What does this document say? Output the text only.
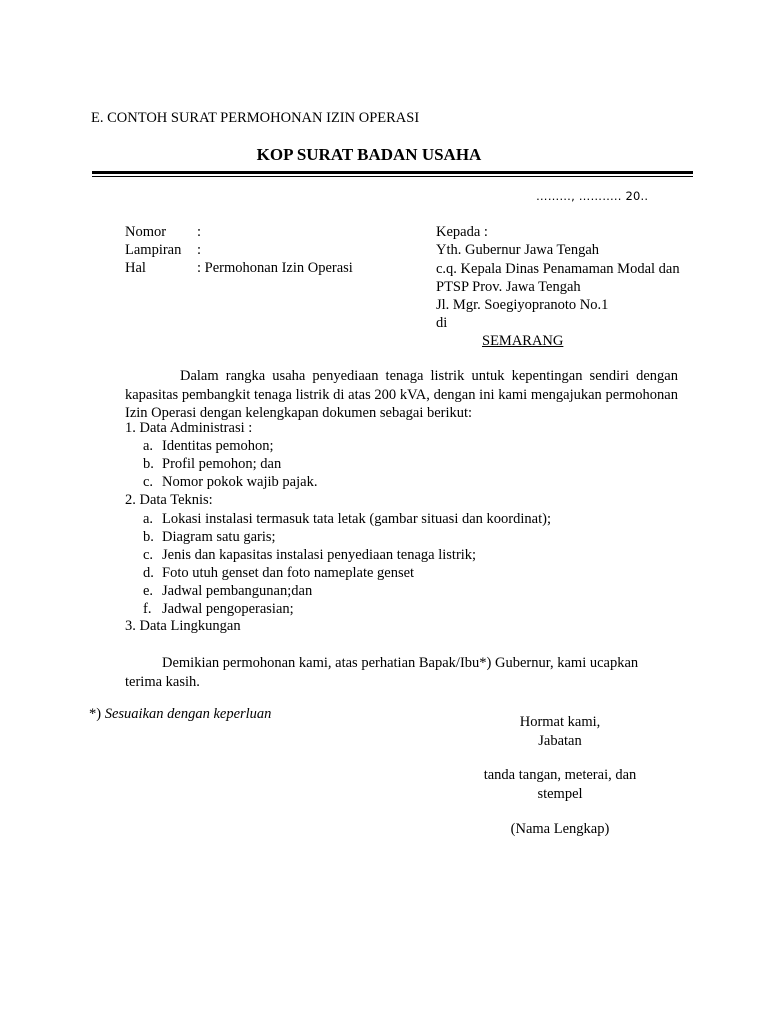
E. CONTOH SURAT PERMOHONAN IZIN OPERASI
KOP SURAT BADAN USAHA
………, ……….. 20..
Nomor :
Lampiran :
Hal	: Permohonan Izin Operasi
Kepada :
Yth. Gubernur Jawa Tengah
c.q. Kepala Dinas Penamaman Modal dan
PTSP Prov. Jawa Tengah
Jl. Mgr. Soegiyopranoto No.1
di
SEMARANG
Dalam rangka usaha penyediaan tenaga listrik untuk kepentingan sendiri dengan kapasitas pembangkit tenaga listrik di atas 200 kVA, dengan ini kami mengajukan permohonan Izin Operasi dengan kelengkapan dokumen sebagai berikut:
1. Data Administrasi :
a. Identitas pemohon;
b. Profil pemohon; dan
c. Nomor pokok wajib pajak.
2. Data Teknis:
a. Lokasi instalasi termasuk tata letak (gambar situasi dan koordinat);
b. Diagram satu garis;
c. Jenis dan kapasitas instalasi penyediaan tenaga listrik;
d. Foto utuh genset dan foto nameplate genset
e. Jadwal pembangunan;dan
f. Jadwal pengoperasian;
3. Data Lingkungan
Demikian permohonan kami, atas perhatian Bapak/Ibu*) Gubernur, kami ucapkan terima kasih.
*) Sesuaikan dengan keperluan	Hormat kami,
Jabatan
tanda tangan, meterai, dan
stempel
(Nama Lengkap)
